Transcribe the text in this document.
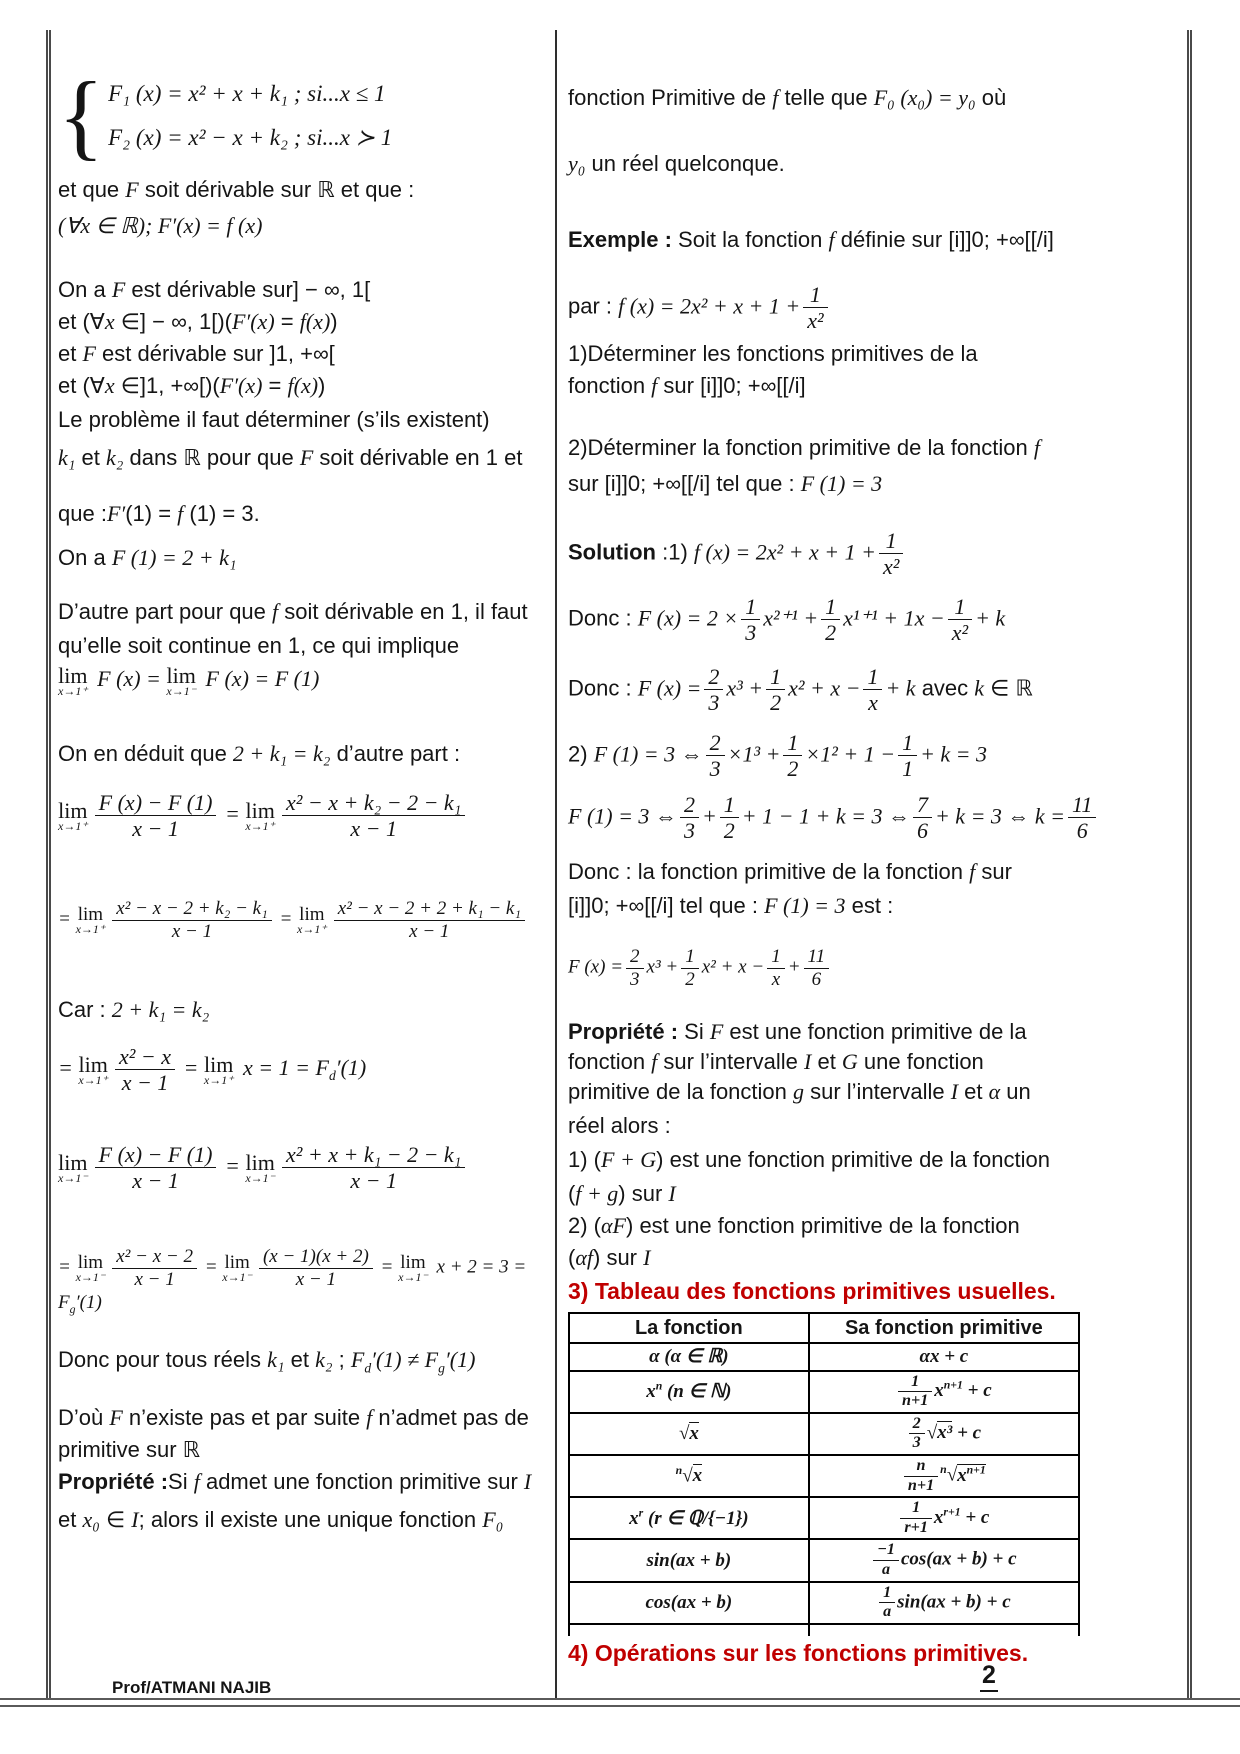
{ F₁ (x) = x² + x + k₁ ; si...x ≤ 1
F₂ (x) = x² − x + k₂ ; si...x ≻ 1
et que F soit dérivable sur ℝ et que :
(∀x ∈ ℝ); F′(x) = f (x)
On a F est dérivable sur] − ∞, 1[
et (∀x ∈] − ∞, 1[)(F′(x) = f(x))
et F est dérivable sur ]1, +∞[
et (∀x ∈]1, +∞[)(F′(x) = f(x))
Le problème il faut déterminer (s’ils existent)
k₁ et k₂ dans ℝ pour que F soit dérivable en 1 et
que :F′(1) = f (1) = 3.
On a F (1) = 2 + k₁
D’autre part pour que f soit dérivable en 1, il faut
qu’elle soit continue en 1, ce qui implique
lim
x→1⁺
F (x) = lim
x→1⁻
F (x) = F (1)
On en déduit que 2 + k₁ = k₂ d’autre part :
lim
$x\to 1^+ \frac{F (x) - F (1)}{x - 1} = \lim$
$x\to 1^+ \frac{\text{x² − x + k₂ − 2 − k₁}}{x - 1}$
= lim
$x\to 1^+ \frac{\text{x² − x − 2 + k₂ − k₁}}{x - 1} = \lim$
$x\to 1^+ \frac{\text{x² − x − 2 + 2 + k₁ − k₁}}{x - 1}$
Car : 2 + k₁ = k₂
= lim
$x\to 1^+ \frac{\text{x² − x}}{x - 1} = \lim$
x→1⁺
$x = 1 = F_d'(1)$
lim
$x\to 1^- \frac{F (x) - F (1)}{x - 1} = \lim$
$x\to 1^- \frac{\text{x² + x + k₁ − 2 − k₁}}{x - 1}$
= lim
$x\to 1^- \frac{\text{x² − x − 2}}{x - 1} = \lim$
$x\to 1^- \frac{(x - 1)(x + 2)}{x - 1} = \lim$
x→1⁻ $x + 2 = 3 = F_g'(1)$
Donc pour tous réels k₁ et k₂ ; $F_d'(1) \ne F_g'(1)$
D’où F n’existe pas et par suite f n’admet pas de
primitive sur ℝ
Propriété :Si f admet une fonction primitive sur I
et x₀ ∈ I; alors il existe une unique fonction F₀
fonction Primitive de f telle que F₀ (x₀) = y₀ où
y₀ un réel quelconque.
Exemple : Soit la fonction f définie sur [i]]0; +∞[[/i]
par : f $(x) = 2x^2 + x + 1 + \frac{1}{\text{x²}}$
1)Déterminer les fonctions primitives de la
fonction f sur [i]]0; +∞[[/i]
2)Déterminer la fonction primitive de la fonction f
sur [i]]0; +∞[[/i] tel que : F (1) = 3
Solution :1) f $(x) = 2x^2 + x + 1 + \frac{1}{\text{x²}}$
Donc : F $(x) = 2 \times \frac{1}{3} x^{2+1} + \frac{1}{2} x^{1+1} + 1x - \frac{1}{\text{x²}} + k$
Donc : F $(x) = \frac{2}{3} x^3 + \frac{1}{2} x^2 + x - \frac{1}{x} + k$ avec k ∈ ℝ
2) F (1) = 3 ⇔ $\frac{2}{3} \times 1^3 + \frac{1}{2} \times 1^2 + 1 - \frac{1}{1} + k = 3$
F (1) = 3 ⇔ $\frac{2}{3} + \frac{1}{2} + 1 - 1 + k = 3$ ⇔ $\frac{7}{6} + k = 3$ ⇔ $k = \frac{11}{6}$
Donc : la fonction primitive de la fonction f sur
[i]]0; +∞[[/i] tel que : F (1) = 3 est :
F $(x) = \frac{2}{3} x^3 + \frac{1}{2} x^2 + x - \frac{1}{x} + \frac{11}{6}$
Propriété : Si F est une fonction primitive de la
fonction f sur l’intervalle I et G une fonction
primitive de la fonction g sur l’intervalle I et α un
réel alors :
1) (F + G) est une fonction primitive de la fonction
(f + g) sur I
2) (αF) est une fonction primitive de la fonction
(αf) sur I
3) Tableau des fonctions primitives usuelles.
La fonction	Sa fonction primitive
α (α ∈ ℝ)	αx + c
$x^n$ (n ∈ ℕ)	$\frac{1}{n+1} x^{n+1} + c$
√x	$\frac{2}{3} √x^3 + c$
$^n$√x	$\frac{n}{n+1} ^n√x^{n+1}$
$x^r$ (r ∈ ℚ/{−1})	$\frac{1}{r+1} x^{r+1} + c$
sin(ax + b)	$\frac{-1}{a} \cos(ax + b) + c$
cos(ax + b)	$\frac{1}{a} \sin(ax + b) + c$

4) Opérations sur les fonctions primitives.
Prof/ATMANI NAJIB	2
